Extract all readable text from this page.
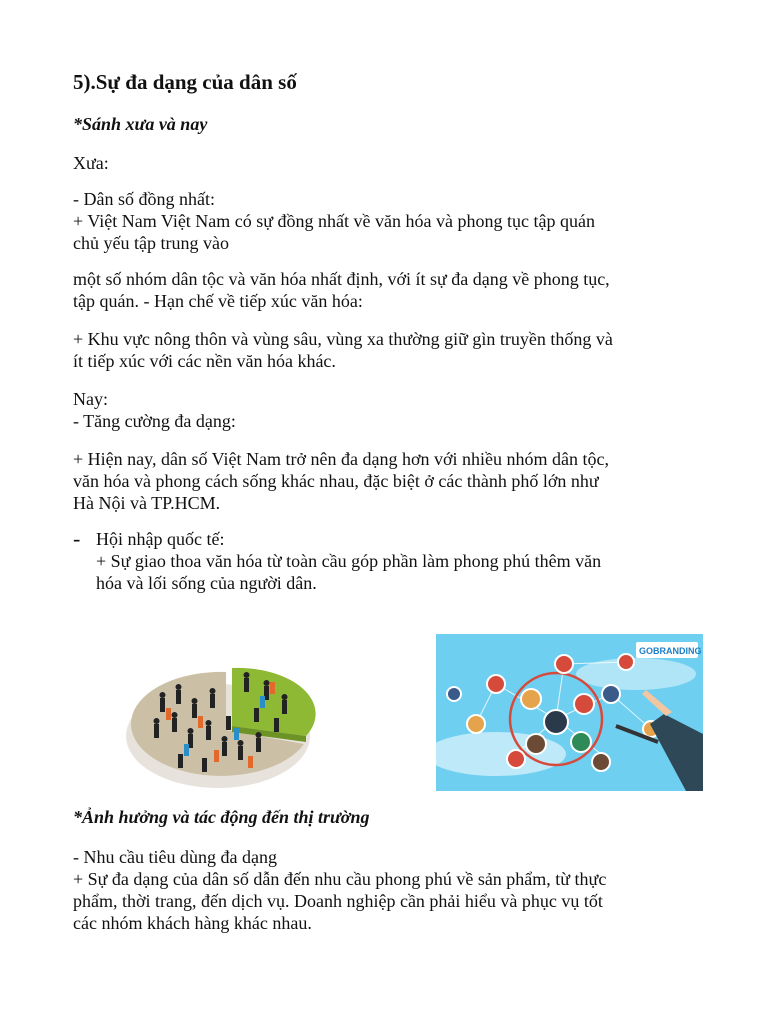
5).Sự đa dạng của dân số

*Sánh xưa và nay

Xưa:

- Dân số đồng nhất:

+ Việt Nam Việt Nam có sự đồng nhất về văn hóa và phong tục tập quán

chủ yếu tập trung vào

một số nhóm dân tộc và văn hóa nhất định, với ít sự đa dạng về phong tục,

tập quán. - Hạn chế về tiếp xúc văn hóa:

+ Khu vực nông thôn và vùng sâu, vùng xa thường giữ gìn truyền thống và

ít tiếp xúc với các nền văn hóa khác.

Nay:

- Tăng cường đa dạng:

+ Hiện nay, dân số Việt Nam trở nên đa dạng hơn với nhiều nhóm dân tộc,

văn hóa và phong cách sống khác nhau, đặc biệt ở các thành phố lớn như

Hà Nội và TP.HCM.

- Hội nhập quốc tế:

+ Sự giao thoa văn hóa từ toàn cầu góp phần làm phong phú thêm văn

hóa và lối sống của người dân.

GOBRANDING

*Ảnh hưởng và tác động đến thị trường

- Nhu cầu tiêu dùng đa dạng

+ Sự đa dạng của dân số dẫn đến nhu cầu phong phú về sản phẩm, từ thực

phẩm, thời trang, đến dịch vụ. Doanh nghiệp cần phải hiểu và phục vụ tốt

các nhóm khách hàng khác nhau.
